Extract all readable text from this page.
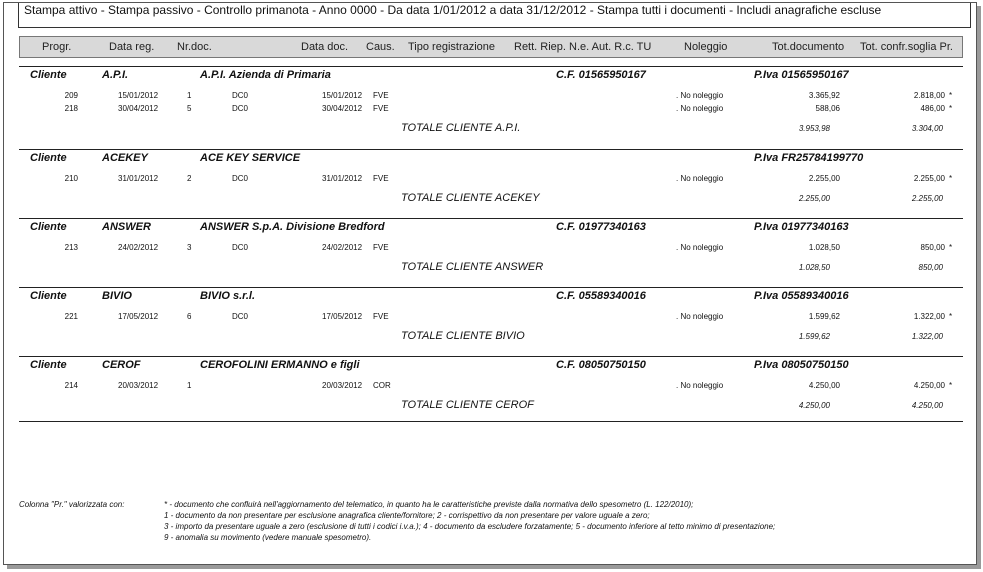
Stampa attivo - Stampa passivo - Controllo primanota - Anno 0000 - Da data 1/01/2012 a data 31/12/2012 - Stampa tutti i documenti - Includi anagrafiche escluse
Progr.	Data reg. Nr.doc.	Data doc. Caus. Tipo registrazione Rett. Riep. N.e. Aut. R.c. TU	Noleggio	Tot.documento Tot. confr.soglia Pr.
Cliente	A.P.I.	A.P.I. Azienda di Primaria	C.F. 01565950167	P.Iva 01565950167
209	15/01/2012	1	DC0	15/01/2012 FVE	. No noleggio	3.365,92	2.818,00 *
218	30/04/2012	5	DC0	30/04/2012 FVE	. No noleggio	588,06	486,00 *
TOTALE CLIENTE A.P.I.	3.953,98	3.304,00
Cliente	ACEKEY	ACE KEY SERVICE	P.Iva FR25784199770
210	31/01/2012	2	DC0	31/01/2012 FVE	. No noleggio	2.255,00	2.255,00 *
TOTALE CLIENTE ACEKEY	2.255,00	2.255,00
Cliente	ANSWER	ANSWER S.p.A. Divisione Bredford	C.F. 01977340163	P.Iva 01977340163
213	24/02/2012	3	DC0	24/02/2012 FVE	. No noleggio	1.028,50	850,00 *
TOTALE CLIENTE ANSWER	1.028,50	850,00
Cliente	BIVIO	BIVIO s.r.l.	C.F. 05589340016	P.Iva 05589340016
221	17/05/2012	6	DC0	17/05/2012 FVE	. No noleggio	1.599,62	1.322,00 *
TOTALE CLIENTE BIVIO	1.599,62	1.322,00
Cliente	CEROF	CEROFOLINI ERMANNO e figli	C.F. 08050750150	P.Iva 08050750150
214	20/03/2012	1	20/03/2012 COR	. No noleggio	4.250,00	4.250,00 *
TOTALE CLIENTE CEROF	4.250,00	4.250,00
Colonna "Pr." valorizzata con:	* - documento che confluirà nell'aggiornamento del telematico, in quanto ha le caratteristiche previste dalla normativa dello spesometro (L. 122/2010);
1 - documento da non presentare per esclusione anagrafica cliente/fornitore; 2 - corrispettivo da non presentare per valore uguale a zero;
3 - importo da presentare uguale a zero (esclusione di tutti i codici i.v.a.); 4 - documento da escludere forzatamente; 5 - documento inferiore al tetto minimo di presentazione;
9 - anomalia su movimento (vedere manuale spesometro).
